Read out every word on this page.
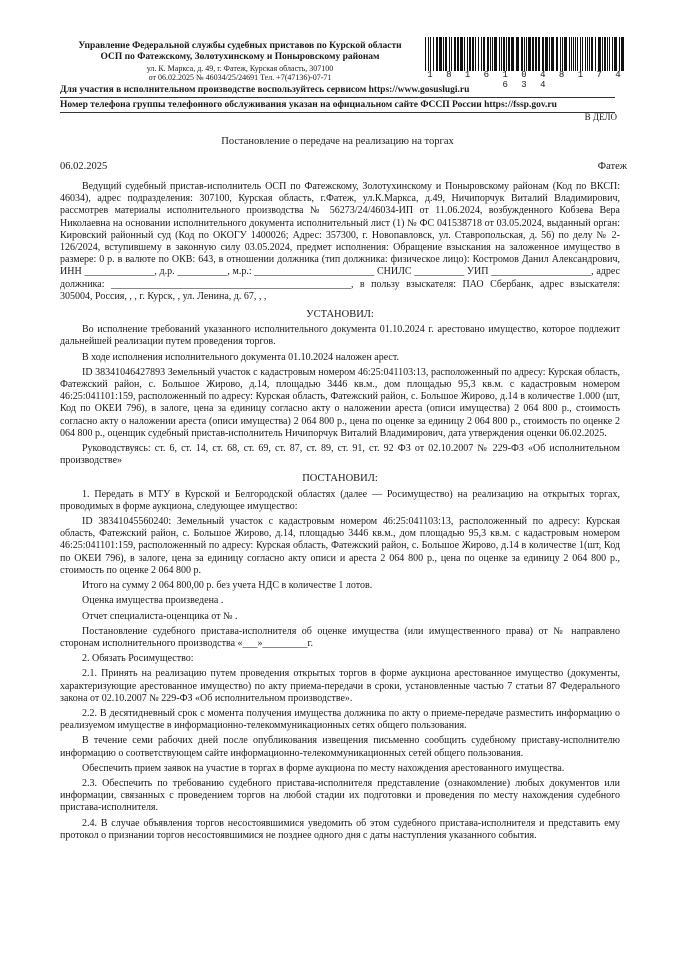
Управление Федеральной службы судебных приставов по Курской области
ОСП по Фатежскому, Золотухинскому и Поныровскому районам
ул. К. Маркса, д. 49, г. Фатеж, Курская область, 307100
от 06.02.2025 № 46034/25/24691 Тел. +7(47136)-07-71	1 8 1 6 1 0 4 8 1 7 4 6 3 4
Для участия в исполнительном производстве воспользуйтесь сервисом https://www.gosuslugi.ru
Номер телефона группы телефонного обслуживания указан на официальном сайте ФССП России https://fssp.gov.ru
В ДЕЛО
Постановление о передаче на реализацию на торгах
06.02.2025	Фатеж

Ведущий судебный пристав-исполнитель ОСП по Фатежскому, Золотухинскому и Поныровскому районам (Код по ВКСП: 46034), адрес подразделения: 307100, Курская область, г.Фатеж, ул.К.Маркса, д.49, Ничипорчук Виталий Владимирович, рассмотрев материалы исполнительного производства № 56273/24/46034-ИП от 11.06.2024, возбужденного Кобзева Вера Николаевна на основании исполнительного документа исполнительный лист (1) № ФС 041538718 от 03.05.2024, выданный орган: Кировский районный суд (Код по ОКОГУ 1400026; Адрес: 357300, г. Новопавловск, ул. Ставропольская, д. 56) по делу № 2-126/2024, вступившему в законную силу 03.05.2024, предмет исполнения: Обращение взыскания на заложенное имущество в размере: 0 р. в валюте по ОКВ: 643, в отношении должника (тип должника: физическое лицо): Костромов Данил Александрович, ИНН ______________, д.р. __________, м.р.: ________________________ СНИЛС __________ УИП ____________________, адрес должника: ________________________________________________, в пользу взыскателя: ПАО Сбербанк, адрес взыскателя: 305004, Россия, , , г. Курск, , ул. Ленина, д. 67, , ,

УСТАНОВИЛ:

Во исполнение требований указанного исполнительного документа 01.10.2024 г. арестовано имущество, которое подлежит дальнейшей реализации путем проведения торгов.

В ходе исполнения исполнительного документа 01.10.2024 наложен арест.

ID 38341046427893 Земельный участок с кадастровым номером 46:25:041103:13, расположенный по адресу: Курская область, Фатежский район, с. Большое Жирово, д.14, площадью 3446 кв.м., дом площадью 95,3 кв.м. с кадастровым номером 46:25:041101:159, расположенный по адресу: Курская область, Фатежский район, с. Большое Жирово, д.14 в количестве 1.000 (шт, Код по ОКЕИ 796), в залоге, цена за единицу согласно акту о наложении ареста (описи имущества) 2 064 800 р., стоимость согласно акту о наложении ареста (описи имущества) 2 064 800 р., цена по оценке за единицу 2 064 800 р., стоимость по оценке 2 064 800 р., оценщик судебный пристав-исполнитель Ничипорчук Виталий Владимирович, дата утверждения оценки 06.02.2025.

Руководствуясь: ст. 6, ст. 14, ст. 68, ст. 69, ст. 87, ст. 89, ст. 91, ст. 92 ФЗ от 02.10.2007 № 229-ФЗ «Об исполнительном производстве»

ПОСТАНОВИЛ:

1. Передать в МТУ в Курской и Белгородской областях (далее — Росимущество) на реализацию на открытых торгах, проводимых в форме аукциона, следующее имущество:

ID 38341045560240: Земельный участок с кадастровым номером 46:25:041103:13, расположенный по адресу: Курская область, Фатежский район, с. Большое Жирово, д.14, площадью 3446 кв.м., дом площадью 95,3 кв.м. с кадастровым номером 46:25:041101:159, расположенный по адресу: Курская область, Фатежский район, с. Большое Жирово, д.14 в количестве 1(шт, Код по ОКЕИ 796), в залоге, цена за единицу согласно акту описи и ареста 2 064 800 р., цена по оценке за единицу 2 064 800 р., стоимость по оценке 2 064 800 р.

Итого на сумму 2 064 800,00 р. без учета НДС в количестве 1 лотов.

Оценка имущества произведена .

Отчет специалиста-оценщика от № .

Постановление судебного пристава-исполнителя об оценке имущества (или имущественного права) от № направлено сторонам исполнительного производства «___»_________г.

2. Обязать Росимущество:

2.1. Принять на реализацию путем проведения открытых торгов в форме аукциона арестованное имущество (документы, характеризующие арестованное имущество) по акту приема-передачи в сроки, установленные частью 7 статьи 87 Федерального закона от 02.10.2007 № 229-ФЗ «Об исполнительном производстве».

2.2. В десятидневный срок с момента получения имущества должника по акту о приеме-передаче разместить информацию о реализуемом имуществе в информационно-телекоммуникационных сетях общего пользования.

В течение семи рабочих дней после опубликования извещения письменно сообщить судебному приставу-исполнителю информацию о соответствующем сайте информационно-телекоммуникационных сетей общего пользования.

Обеспечить прием заявок на участие в торгах в форме аукциона по месту нахождения арестованного имущества.

2.3. Обеспечить по требованию судебного пристава-исполнителя представление (ознакомление) любых документов или информации, связанных с проведением торгов на любой стадии их подготовки и проведения по месту нахождения судебного пристава-исполнителя.

2.4. В случае объявления торгов несостоявшимися уведомить об этом судебного пристава-исполнителя и представить ему протокол о признании торгов несостоявшимися не позднее одного дня с даты наступления указанного события.
